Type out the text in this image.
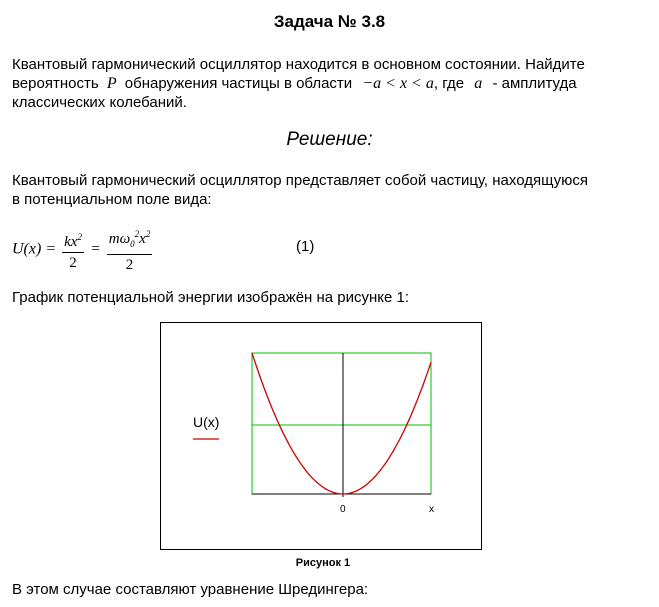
Задача № 3.8
Квантовый гармонический осциллятор находится в основном состоянии. Найдите
вероятность P обнаружения частицы в области −a < x < a, где a - амплитуда
классических колебаний.
Решение:
Квантовый гармонический осциллятор представляет собой частицу, находящуюся
в потенциальном поле вида:
$U(x) = \frac{kx^2}{2} = \frac{m\omega_0^2x^2}{2}$	(1)
График потенциальной энергии изображён на рисунке 1:
U(x)
0	x
Рисунок 1
В этом случае составляют уравнение Шредингера:
